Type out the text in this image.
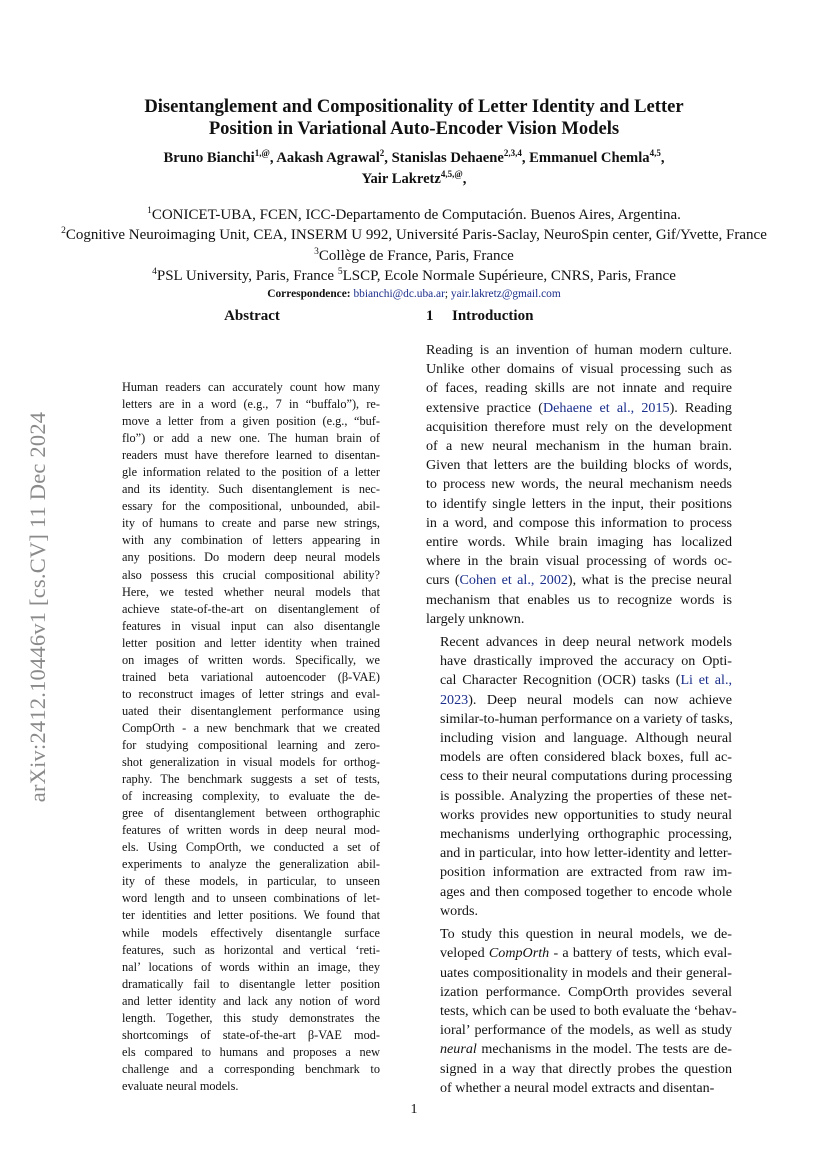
Disentanglement and Compositionality of Letter Identity and Letter
Position in Variational Auto-Encoder Vision Models
Bruno Bianchi$^{1,@}$, Aakash Agrawal$^2$, Stanislas Dehaene$^{2,3,4}$, Emmanuel Chemla$^{4,5}$,
Yair Lakretz$^{4,5,@}$,
$^1$CONICET-UBA, FCEN, ICC-Departamento de Computación. Buenos Aires, Argentina.
$^2$Cognitive Neuroimaging Unit, CEA, INSERM U 992, Université Paris-Saclay, NeuroSpin center, Gif/Yvette, France
$^3$Collège de France, Paris, France
$^4$PSL University, Paris, France $^5$LSCP, Ecole Normale Supérieure, CNRS, Paris, France
Correspondence: bbianchi@dc.uba.ar; yair.lakretz@gmail.com
Abstract	1 Introduction
arXiv:2412.10446v1 [cs.CV] 11 Dec 2024

Human readers can accurately count how many
letters are in a word (e.g., 7 in “buffalo”), re-
move a letter from a given position (e.g., “buf-
flo”) or add a new one. The human brain of
readers must have therefore learned to disentan-
gle information related to the position of a letter
and its identity. Such disentanglement is nec-
essary for the compositional, unbounded, abil-
ity of humans to create and parse new strings,
with any combination of letters appearing in
any positions. Do modern deep neural models
also possess this crucial compositional ability?
Here, we tested whether neural models that
achieve state-of-the-art on disentanglement of
features in visual input can also disentangle
letter position and letter identity when trained
on images of written words. Specifically, we
trained beta variational autoencoder (β-VAE)
to reconstruct images of letter strings and eval-
uated their disentanglement performance using
CompOrth - a new benchmark that we created
for studying compositional learning and zero-
shot generalization in visual models for orthog-
raphy. The benchmark suggests a set of tests,
of increasing complexity, to evaluate the de-
gree of disentanglement between orthographic
features of written words in deep neural mod-
els. Using CompOrth, we conducted a set of
experiments to analyze the generalization abil-
ity of these models, in particular, to unseen
word length and to unseen combinations of let-
ter identities and letter positions. We found that
while models effectively disentangle surface
features, such as horizontal and vertical ‘reti-
nal’ locations of words within an image, they
dramatically fail to disentangle letter position
and letter identity and lack any notion of word
length. Together, this study demonstrates the
shortcomings of state-of-the-art β-VAE mod-
els compared to humans and proposes a new
challenge and a corresponding benchmark to
evaluate neural models.

Reading is an invention of human modern culture.
Unlike other domains of visual processing such as
of faces, reading skills are not innate and require
extensive practice (Dehaene et al., 2015). Reading
acquisition therefore must rely on the development
of a new neural mechanism in the human brain.
Given that letters are the building blocks of words,
to process new words, the neural mechanism needs
to identify single letters in the input, their positions
in a word, and compose this information to process
entire words. While brain imaging has localized
where in the brain visual processing of words oc-
curs (Cohen et al., 2002), what is the precise neural
mechanism that enables us to recognize words is
largely unknown.

Recent advances in deep neural network models
have drastically improved the accuracy on Opti-
cal Character Recognition (OCR) tasks (Li et al.,
2023). Deep neural models can now achieve
similar-to-human performance on a variety of tasks,
including vision and language. Although neural
models are often considered black boxes, full ac-
cess to their neural computations during processing
is possible. Analyzing the properties of these net-
works provides new opportunities to study neural
mechanisms underlying orthographic processing,
and in particular, into how letter-identity and letter-
position information are extracted from raw im-
ages and then composed together to encode whole
words.

To study this question in neural models, we de-
veloped CompOrth - a battery of tests, which eval-
uates compositionality in models and their general-
ization performance. CompOrth provides several
tests, which can be used to both evaluate the ‘behav-
ioral’ performance of the models, as well as study
neural mechanisms in the model. The tests are de-
signed in a way that directly probes the question
of whether a neural model extracts and disentan-

1
